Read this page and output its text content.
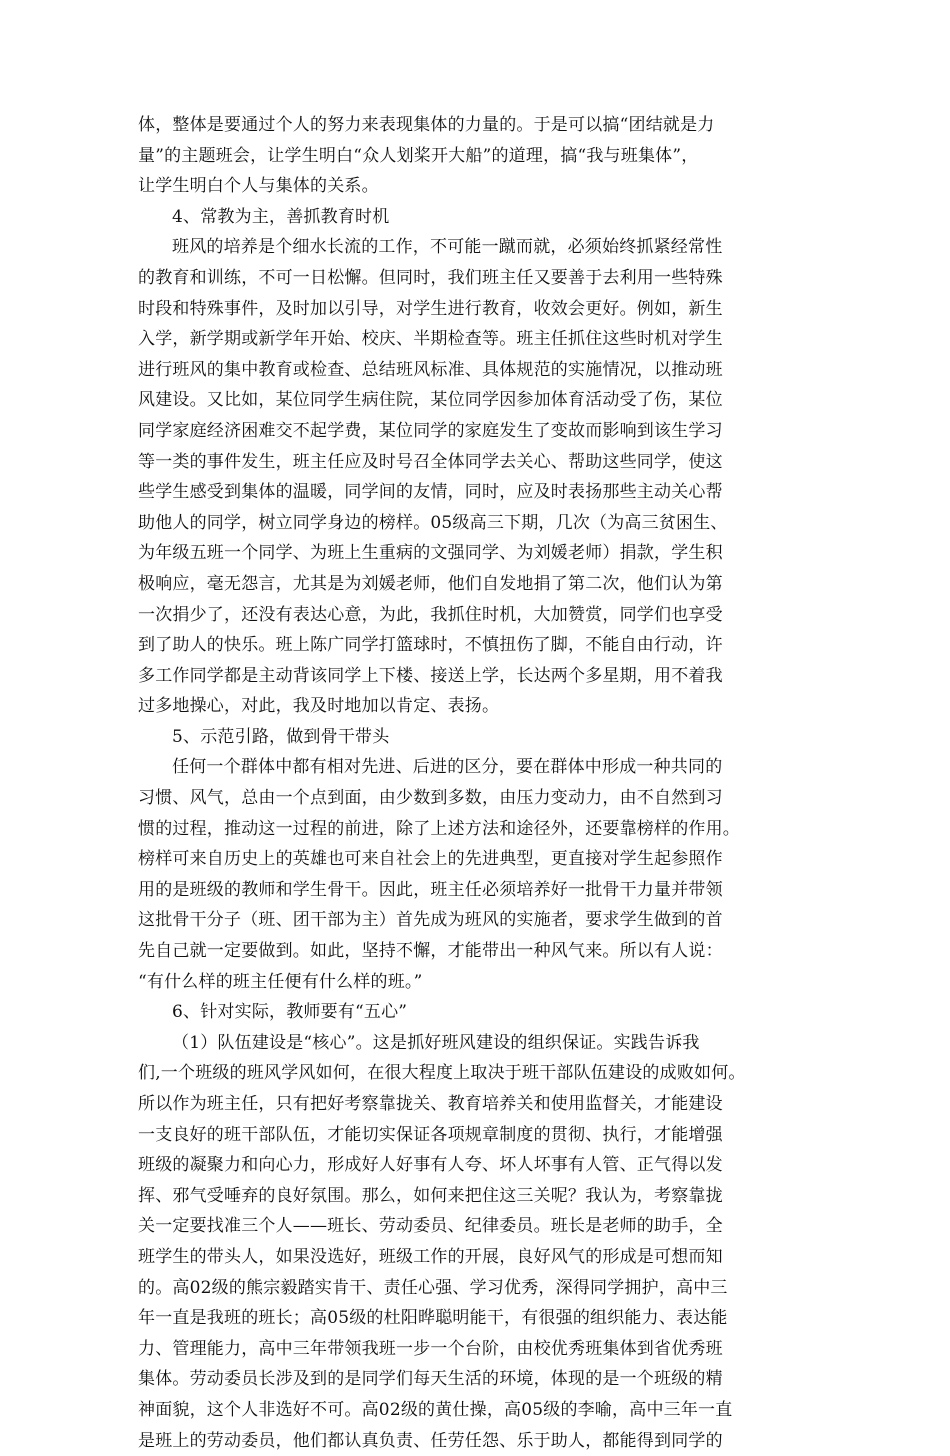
体，整体是要通过个人的努力来表现集体的力量的。于是可以搞“团结就是力
量”的主题班会，让学生明白“众人划桨开大船”的道理，搞“我与班集体”，
让学生明白个人与集体的关系。
4、常教为主，善抓教育时机
班风的培养是个细水长流的工作，不可能一蹴而就，必须始终抓紧经常性
的教育和训练，不可一日松懈。但同时，我们班主任又要善于去利用一些特殊
时段和特殊事件，及时加以引导，对学生进行教育，收效会更好。例如，新生
入学，新学期或新学年开始、校庆、半期检查等。班主任抓住这些时机对学生
进行班风的集中教育或检查、总结班风标准、具体规范的实施情况，以推动班
风建设。又比如，某位同学生病住院，某位同学因参加体育活动受了伤，某位
同学家庭经济困难交不起学费，某位同学的家庭发生了变故而影响到该生学习
等一类的事件发生，班主任应及时号召全体同学去关心、帮助这些同学，使这
些学生感受到集体的温暖，同学间的友情，同时，应及时表扬那些主动关心帮
助他人的同学，树立同学身边的榜样。05级高三下期，几次（为高三贫困生、
为年级五班一个同学、为班上生重病的文强同学、为刘媛老师）捐款，学生积
极响应，毫无怨言，尤其是为刘媛老师，他们自发地捐了第二次，他们认为第
一次捐少了，还没有表达心意，为此，我抓住时机，大加赞赏，同学们也享受
到了助人的快乐。班上陈广同学打篮球时，不慎扭伤了脚，不能自由行动，许
多工作同学都是主动背该同学上下楼、接送上学，长达两个多星期，用不着我
过多地操心，对此，我及时地加以肯定、表扬。
5、示范引路，做到骨干带头
任何一个群体中都有相对先进、后进的区分，要在群体中形成一种共同的
习惯、风气，总由一个点到面，由少数到多数，由压力变动力，由不自然到习
惯的过程，推动这一过程的前进，除了上述方法和途径外，还要靠榜样的作用。
榜样可来自历史上的英雄也可来自社会上的先进典型，更直接对学生起参照作
用的是班级的教师和学生骨干。因此，班主任必须培养好一批骨干力量并带领
这批骨干分子（班、团干部为主）首先成为班风的实施者，要求学生做到的首
先自己就一定要做到。如此，坚持不懈，才能带出一种风气来。所以有人说：
“有什么样的班主任便有什么样的班。”
6、针对实际，教师要有“五心”
（1）队伍建设是“核心”。这是抓好班风建设的组织保证。实践告诉我
们,一个班级的班风学风如何，在很大程度上取决于班干部队伍建设的成败如何。
所以作为班主任，只有把好考察靠拢关、教育培养关和使用监督关，才能建设
一支良好的班干部队伍，才能切实保证各项规章制度的贯彻、执行，才能增强
班级的凝聚力和向心力，形成好人好事有人夸、坏人坏事有人管、正气得以发
挥、邪气受唾弃的良好氛围。那么，如何来把住这三关呢？我认为，考察靠拢
关一定要找准三个人——班长、劳动委员、纪律委员。班长是老师的助手，全
班学生的带头人，如果没选好，班级工作的开展，良好风气的形成是可想而知
的。高02级的熊宗毅踏实肯干、责任心强、学习优秀，深得同学拥护，高中三
年一直是我班的班长；高05级的杜阳晔聪明能干，有很强的组织能力、表达能
力、管理能力，高中三年带领我班一步一个台阶，由校优秀班集体到省优秀班
集体。劳动委员长涉及到的是同学们每天生活的环境，体现的是一个班级的精
神面貌，这个人非选好不可。高02级的黄仕操，高05级的李喻，高中三年一直
是班上的劳动委员，他们都认真负责、任劳任怨、乐于助人，都能得到同学的
